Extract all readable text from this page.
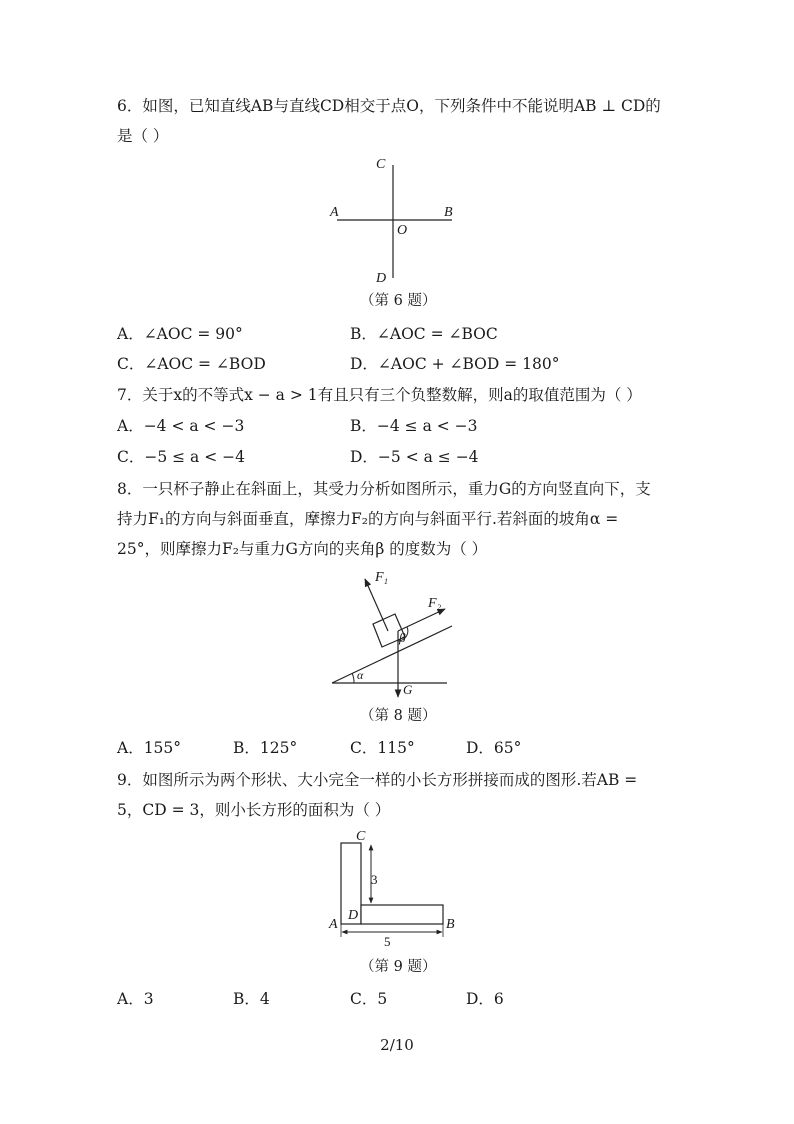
6．如图，已知直线AB与直线CD相交于点O，下列条件中不能说明AB ⊥ CD的
是（ ）
C
A	B
O
D
（第 6 题）
A．∠AOC = 90°	B．∠AOC = ∠BOC
C．∠AOC = ∠BOD	D．∠AOC + ∠BOD = 180°
7．关于x的不等式x − a > 1有且只有三个负整数解，则a的取值范围为（ ）
A．−4 < a < −3	B．−4 ≤ a < −3
C．−5 ≤ a < −4	D．−5 < a ≤ −4
8．一只杯子静止在斜面上，其受力分析如图所示，重力G的方向竖直向下，支
持力F₁的方向与斜面垂直，摩擦力F₂的方向与斜面平行.若斜面的坡角α =
25°，则摩擦力F₂与重力G方向的夹角β 的度数为（ ）
F 1
F 2
β
α
G
（第 8 题）
A．155°	B．125°	C．115°	D．65°
9．如图所示为两个形状、大小完全一样的小长方形拼接而成的图形.若AB =
5，CD = 3，则小长方形的面积为（ ）
C
3
D
A	B
5
（第 9 题）
A．3	B．4	C．5	D．6
2/10
